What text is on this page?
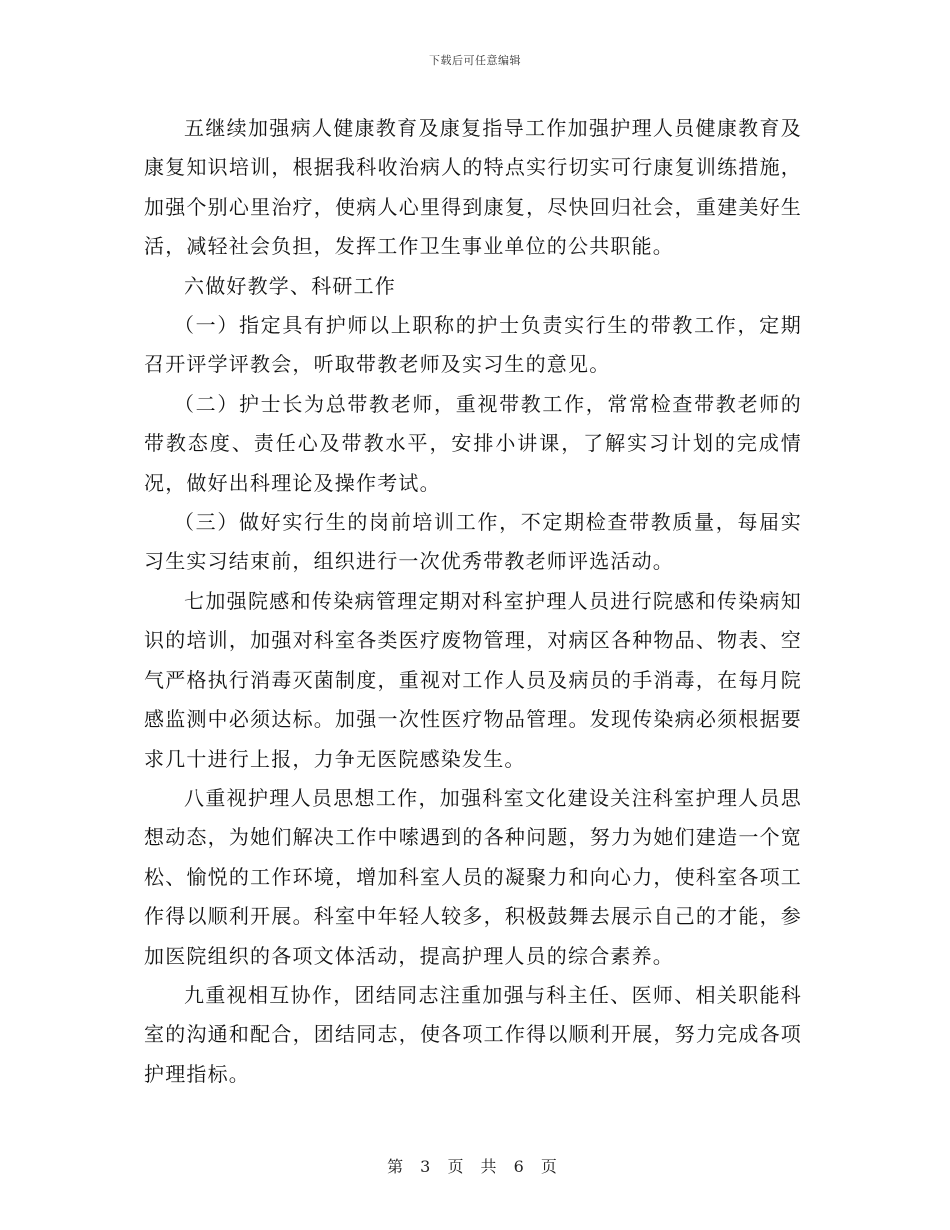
下载后可任意编辑

五继续加强病人健康教育及康复指导工作加强护理人员健康教育及康复知识培训，根据我科收治病人的特点实行切实可行康复训练措施，加强个别心里治疗，使病人心里得到康复，尽快回归社会，重建美好生活，减轻社会负担，发挥工作卫生事业单位的公共职能。

六做好教学、科研工作

（一）指定具有护师以上职称的护士负责实行生的带教工作，定期召开评学评教会，听取带教老师及实习生的意见。

（二）护士长为总带教老师，重视带教工作，常常检查带教老师的带教态度、责任心及带教水平，安排小讲课，了解实习计划的完成情况，做好出科理论及操作考试。

（三）做好实行生的岗前培训工作，不定期检查带教质量，每届实习生实习结束前，组织进行一次优秀带教老师评选活动。

七加强院感和传染病管理定期对科室护理人员进行院感和传染病知识的培训，加强对科室各类医疗废物管理，对病区各种物品、物表、空气严格执行消毒灭菌制度，重视对工作人员及病员的手消毒，在每月院感监测中必须达标。加强一次性医疗物品管理。发现传染病必须根据要求几十进行上报，力争无医院感染发生。

八重视护理人员思想工作，加强科室文化建设关注科室护理人员思想动态，为她们解决工作中嗦遇到的各种问题，努力为她们建造一个宽松、愉悦的工作环境，增加科室人员的凝聚力和向心力，使科室各项工作得以顺利开展。科室中年轻人较多，积极鼓舞去展示自己的才能，参加医院组织的各项文体活动，提高护理人员的综合素养。

九重视相互协作，团结同志注重加强与科主任、医师、相关职能科室的沟通和配合，团结同志，使各项工作得以顺利开展，努力完成各项护理指标。

第 3 页 共 6 页
